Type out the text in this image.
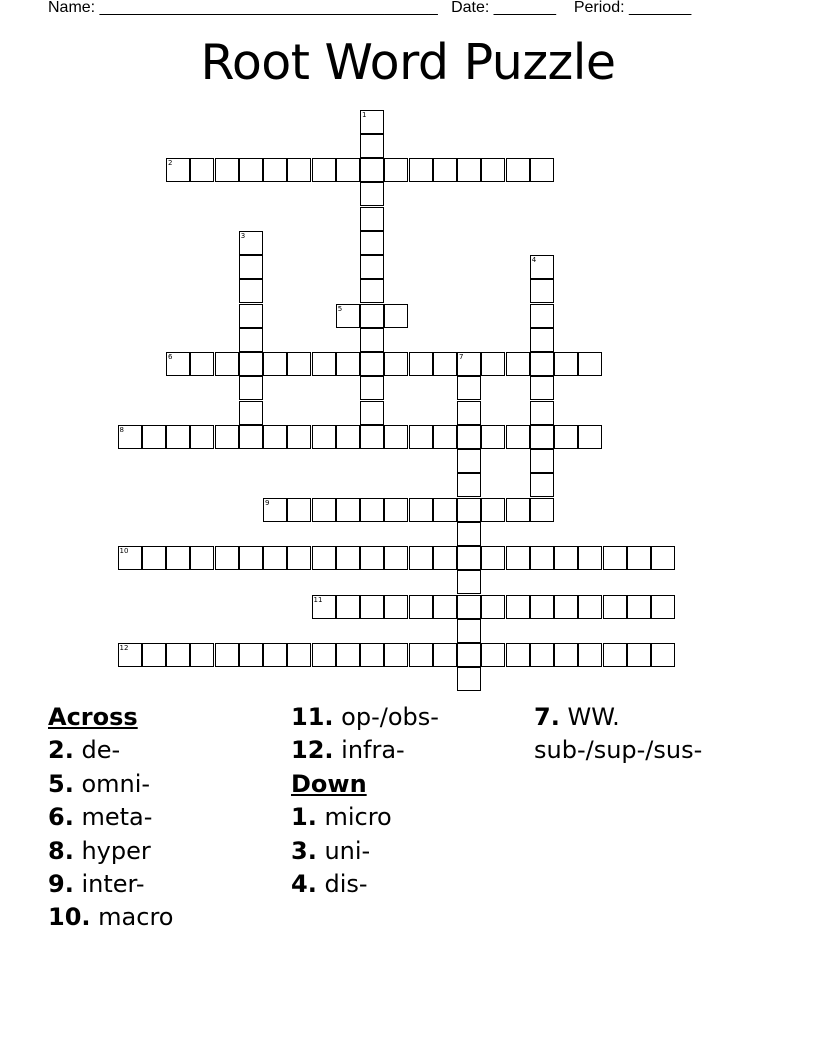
Name: ______________________________________ Date: _______ Period: _______
Root Word Puzzle
1
2
3
4
5
6	7
8
9
10
11
12
Across
2. de-
5. omni-
6. meta-
8. hyper
9. inter-
10. macro
11. op-/obs-
12. infra-
Down
1. micro
3. uni-
4. dis-
7. WW. sub-/sup-/sus-
